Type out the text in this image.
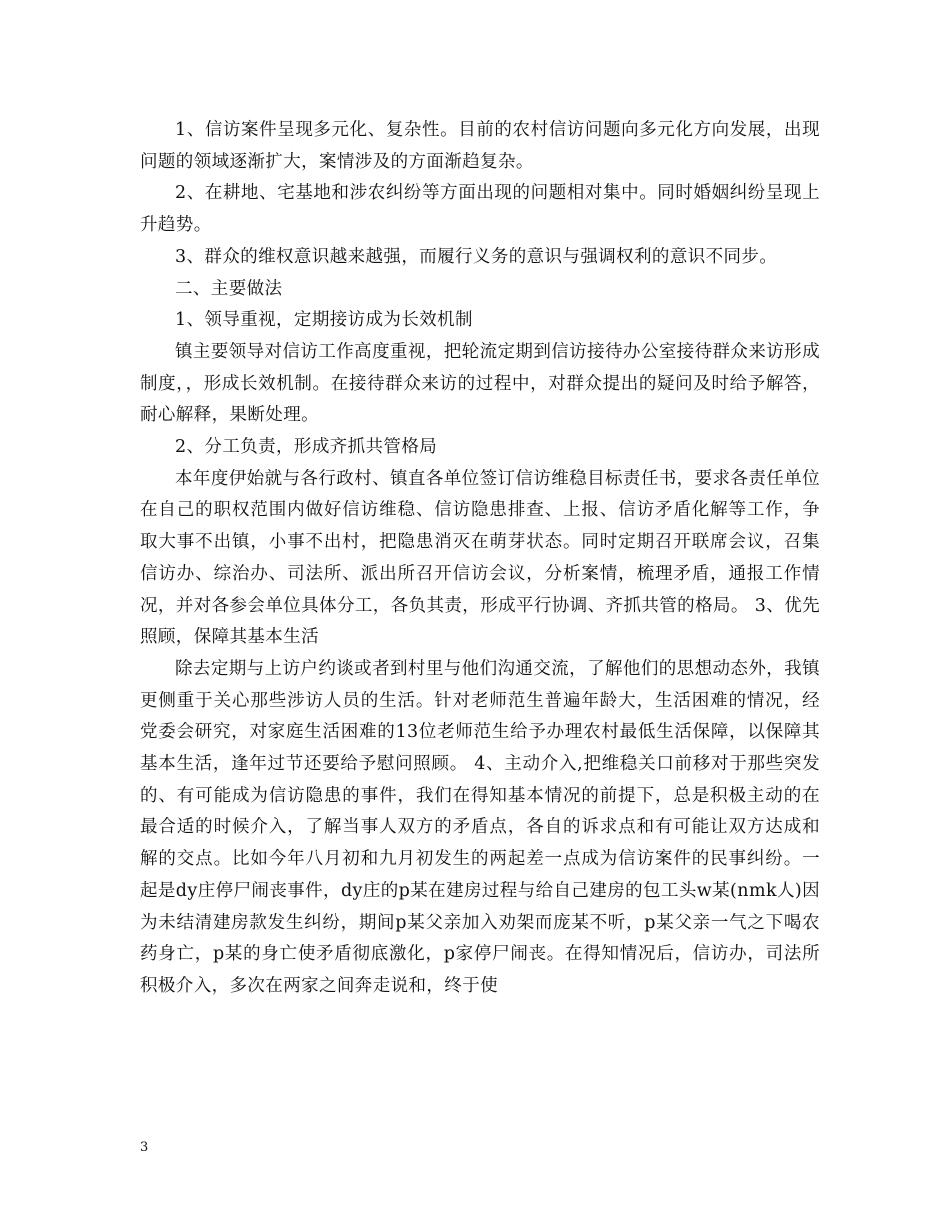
1、信访案件呈现多元化、复杂性。目前的农村信访问题向多元化方向发展，出现问题的领域逐渐扩大，案情涉及的方面渐趋复杂。

2、在耕地、宅基地和涉农纠纷等方面出现的问题相对集中。同时婚姻纠纷呈现上升趋势。

3、群众的维权意识越来越强，而履行义务的意识与强调权利的意识不同步。

二、主要做法

1、领导重视，定期接访成为长效机制

镇主要领导对信访工作高度重视，把轮流定期到信访接待办公室接待群众来访形成制度，，形成长效机制。在接待群众来访的过程中，对群众提出的疑问及时给予解答，耐心解释，果断处理。

2、分工负责，形成齐抓共管格局

本年度伊始就与各行政村、镇直各单位签订信访维稳目标责任书，要求各责任单位在自己的职权范围内做好信访维稳、信访隐患排查、上报、信访矛盾化解等工作，争取大事不出镇，小事不出村，把隐患消灭在萌芽状态。同时定期召开联席会议，召集信访办、综治办、司法所、派出所召开信访会议，分析案情，梳理矛盾，通报工作情况，并对各参会单位具体分工，各负其责，形成平行协调、齐抓共管的格局。 3、优先照顾，保障其基本生活

除去定期与上访户约谈或者到村里与他们沟通交流，了解他们的思想动态外，我镇更侧重于关心那些涉访人员的生活。针对老师范生普遍年龄大，生活困难的情况，经党委会研究，对家庭生活困难的13位老师范生给予办理农村最低生活保障，以保障其基本生活，逢年过节还要给予慰问照顾。 4、主动介入,把维稳关口前移对于那些突发的、有可能成为信访隐患的事件，我们在得知基本情况的前提下，总是积极主动的在最合适的时候介入，了解当事人双方的矛盾点，各自的诉求点和有可能让双方达成和解的交点。比如今年八月初和九月初发生的两起差一点成为信访案件的民事纠纷。一起是dy庄停尸闹丧事件，dy庄的p某在建房过程与给自己建房的包工头w某(nmk人)因为未结清建房款发生纠纷，期间p某父亲加入劝架而庞某不听，p某父亲一气之下喝农药身亡，p某的身亡使矛盾彻底激化，p家停尸闹丧。在得知情况后，信访办，司法所积极介入，多次在两家之间奔走说和，终于使

3
